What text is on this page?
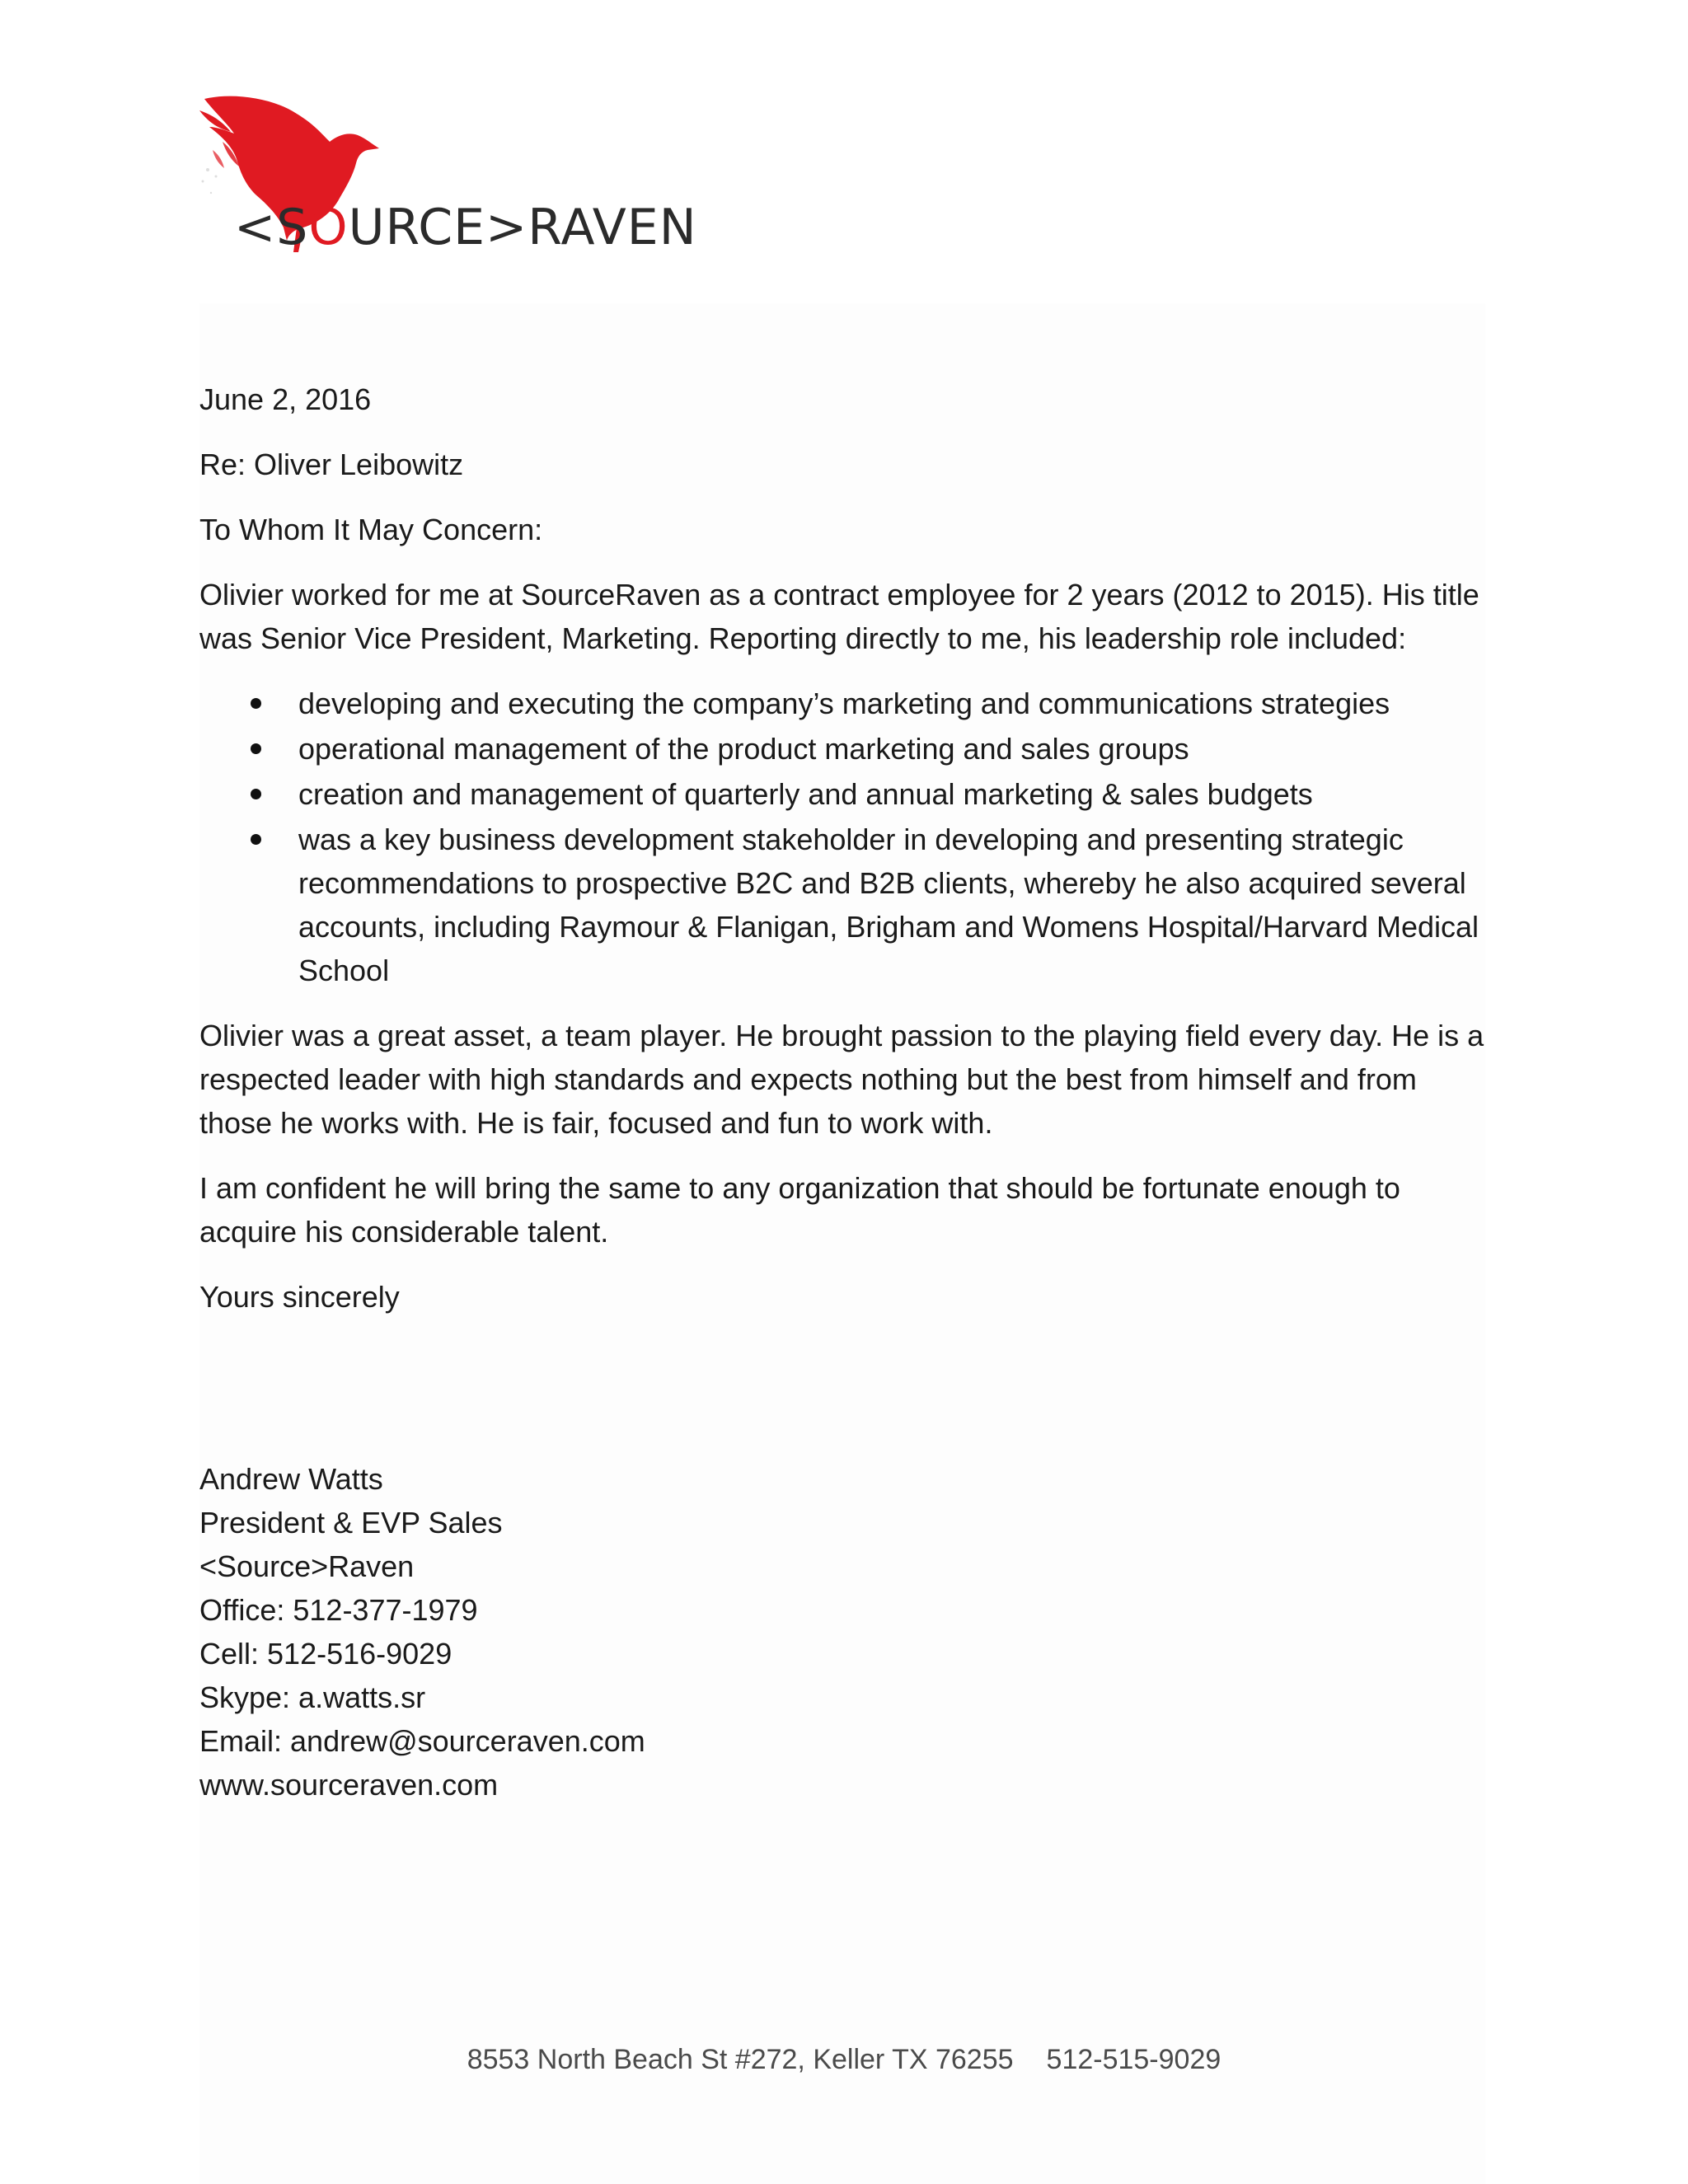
<SOURCE>RAVEN

June 2, 2016

Re: Oliver Leibowitz

To Whom It May Concern:

Olivier worked for me at SourceRaven as a contract employee for 2 years (2012 to 2015). His title was Senior Vice President, Marketing. Reporting directly to me, his leadership role included:

developing and executing the company’s marketing and communications strategies
operational management of the product marketing and sales groups
creation and management of quarterly and annual marketing & sales budgets
was a key business development stakeholder in developing and presenting strategic recommendations to prospective B2C and B2B clients, whereby he also acquired several accounts, including Raymour & Flanigan, Brigham and Womens Hospital/Harvard Medical School

Olivier was a great asset, a team player. He brought passion to the playing field every day. He is a respected leader with high standards and expects nothing but the best from himself and from those he works with. He is fair, focused and fun to work with.

I am confident he will bring the same to any organization that should be fortunate enough to acquire his considerable talent.

Yours sincerely

Andrew Watts

President & EVP Sales

<Source>Raven

Office: 512-377-1979

Cell: 512-516-9029

Skype: a.watts.sr

Email: andrew@sourceraven.com

www.sourceraven.com

8553 North Beach St #272, Keller TX 76255 512-515-9029
